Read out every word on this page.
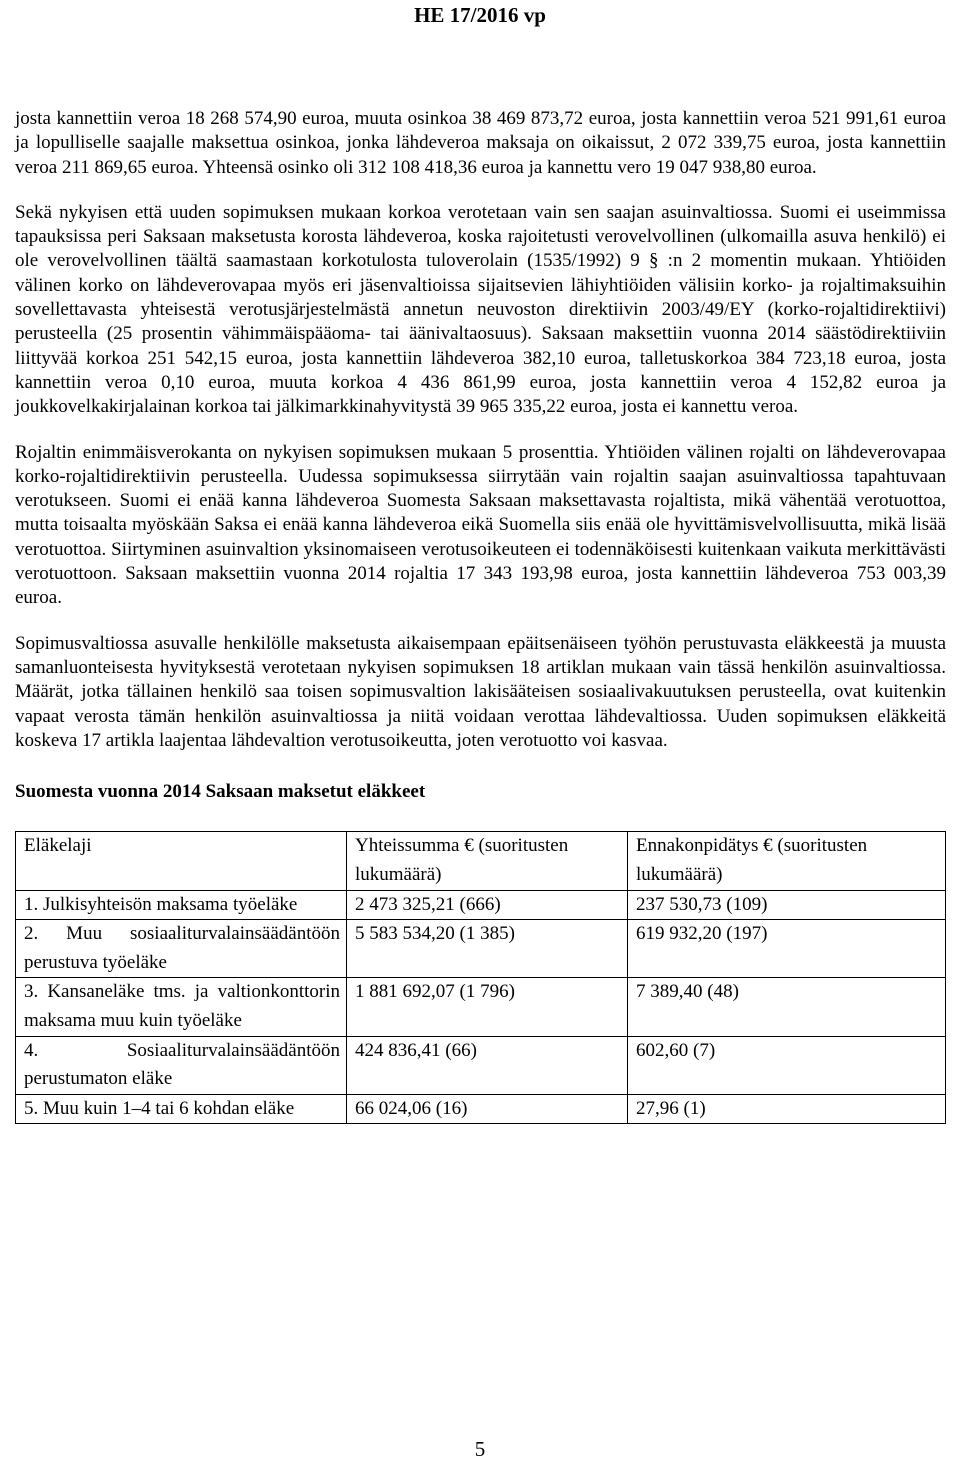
HE 17/2016 vp

josta kannettiin veroa 18 268 574,90 euroa, muuta osinkoa 38 469 873,72 euroa, josta kannettiin veroa 521 991,61 euroa ja lopulliselle saajalle maksettua osinkoa, jonka lähdeveroa maksaja on oikaissut, 2 072 339,75 euroa, josta kannettiin veroa 211 869,65 euroa. Yhteensä osinko oli 312 108 418,36 euroa ja kannettu vero 19 047 938,80 euroa.

Sekä nykyisen että uuden sopimuksen mukaan korkoa verotetaan vain sen saajan asuinvaltiossa. Suomi ei useimmissa tapauksissa peri Saksaan maksetusta korosta lähdeveroa, koska rajoitetusti verovelvollinen (ulkomailla asuva henkilö) ei ole verovelvollinen täältä saamastaan korkotulosta tuloverolain (1535/1992) 9 § :n 2 momentin mukaan. Yhtiöiden välinen korko on lähdeverovapaa myös eri jäsenvaltioissa sijaitsevien lähiyhtiöiden välisiin korko- ja rojaltimaksuihin sovellettavasta yhteisestä verotusjärjestelmästä annetun neuvoston direktiivin 2003/49/EY (korko-rojaltidirektiivi) perusteella (25 prosentin vähimmäispääoma- tai äänivaltaosuus). Saksaan maksettiin vuonna 2014 säästödirektiiviin liittyvää korkoa 251 542,15 euroa, josta kannettiin lähdeveroa 382,10 euroa, talletuskorkoa 384 723,18 euroa, josta kannettiin veroa 0,10 euroa, muuta korkoa 4 436 861,99 euroa, josta kannettiin veroa 4 152,82 euroa ja joukkovelkakirjalainan korkoa tai jälkimarkkinahyvitystä 39 965 335,22 euroa, josta ei kannettu veroa.

Rojaltin enimmäisverokanta on nykyisen sopimuksen mukaan 5 prosenttia. Yhtiöiden välinen rojalti on lähdeverovapaa korko-rojaltidirektiivin perusteella. Uudessa sopimuksessa siirrytään vain rojaltin saajan asuinvaltiossa tapahtuvaan verotukseen. Suomi ei enää kanna lähdeveroa Suomesta Saksaan maksettavasta rojaltista, mikä vähentää verotuottoa, mutta toisaalta myöskään Saksa ei enää kanna lähdeveroa eikä Suomella siis enää ole hyvittämisvelvollisuutta, mikä lisää verotuottoa. Siirtyminen asuinvaltion yksinomaiseen verotusoikeuteen ei todennäköisesti kuitenkaan vaikuta merkittävästi verotuottoon. Saksaan maksettiin vuonna 2014 rojaltia 17 343 193,98 euroa, josta kannettiin lähdeveroa 753 003,39 euroa.

Sopimusvaltiossa asuvalle henkilölle maksetusta aikaisempaan epäitsenäiseen työhön perustuvasta eläkkeestä ja muusta samanluonteisesta hyvityksestä verotetaan nykyisen sopimuksen 18 artiklan mukaan vain tässä henkilön asuinvaltiossa. Määrät, jotka tällainen henkilö saa toisen sopimusvaltion lakisääteisen sosiaalivakuutuksen perusteella, ovat kuitenkin vapaat verosta tämän henkilön asuinvaltiossa ja niitä voidaan verottaa lähdevaltiossa. Uuden sopimuksen eläkkeitä koskeva 17 artikla laajentaa lähdevaltion verotusoikeutta, joten verotuotto voi kasvaa.

Suomesta vuonna 2014 Saksaan maksetut eläkkeet
Eläkelaji	Yhteissumma € (suoritusten lukumäärä)	Ennakonpidätys € (suoritusten lukumäärä)
1. Julkisyhteisön maksama työeläke	2 473 325,21 (666)	237 530,73 (109)
2. Muu sosiaaliturvalainsäädäntöön perustuva työeläke	5 583 534,20 (1 385)	619 932,20 (197)
3. Kansaneläke tms. ja valtionkonttorin maksama muu kuin työeläke	1 881 692,07 (1 796)	7 389,40 (48)
4. Sosiaaliturvalainsäädäntöön perustumaton eläke	424 836,41 (66)	602,60 (7)
5. Muu kuin 1–4 tai 6 kohdan eläke	66 024,06 (16)	27,96 (1)
5
